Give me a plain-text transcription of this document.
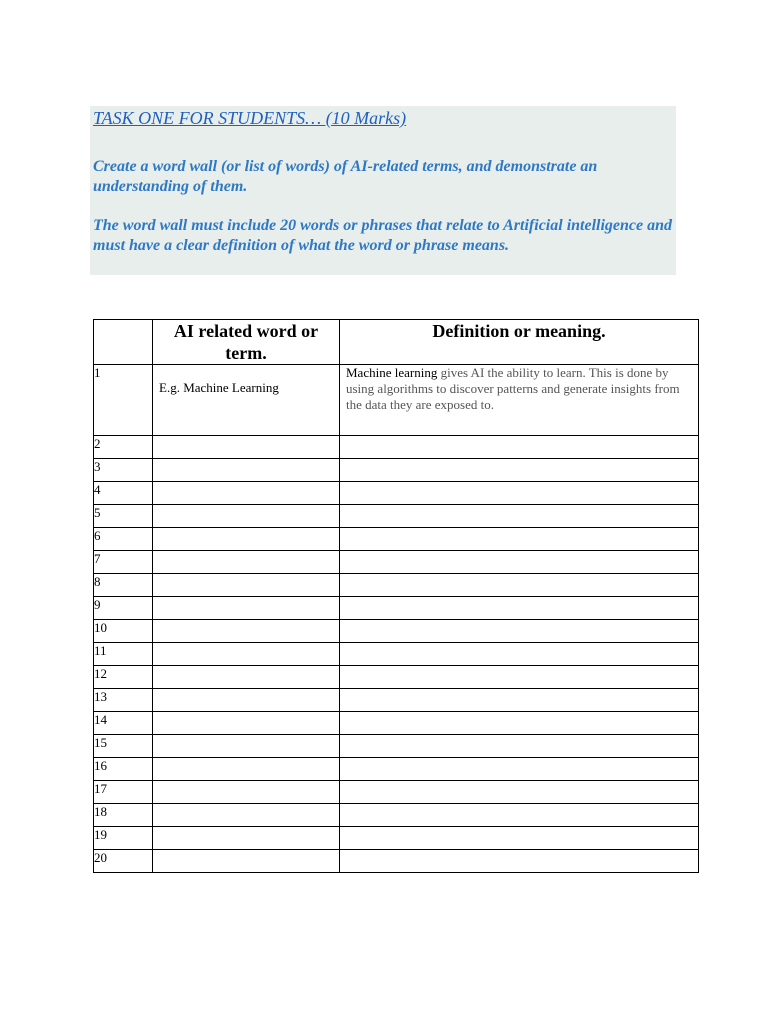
TASK ONE FOR STUDENTS… (10 Marks)

Create a word wall (or list of words) of AI-related terms, and demonstrate an understanding of them.

The word wall must include 20 words or phrases that relate to Artificial intelligence and must have a clear definition of what the word or phrase means.

	AI related word or term.	Definition or meaning.
1	E.g. Machine Learning	Machine learning gives AI the ability to learn. This is done by using algorithms to discover patterns and generate insights from the data they are exposed to.

2		
3		
4		
5		
6		
7		
8		
9		
10		
11		
12		
13		
14		
15		
16		
17		
18		
19		
20		
